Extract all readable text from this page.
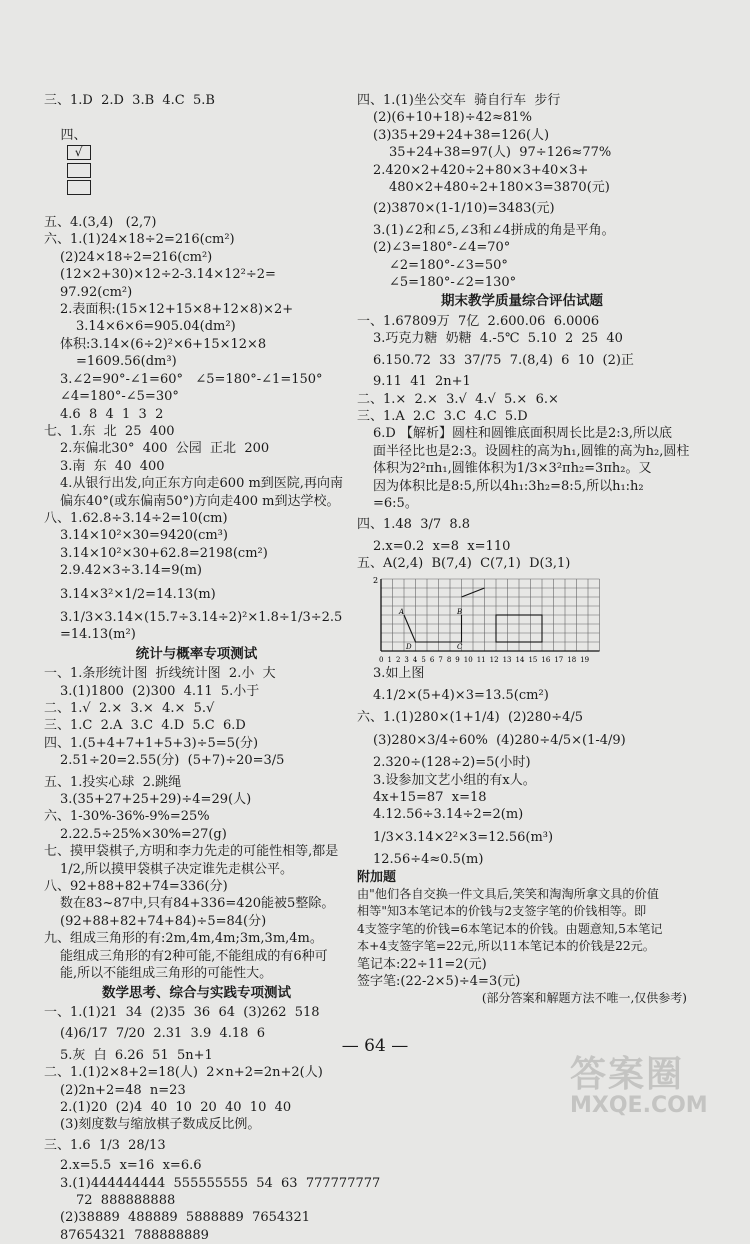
三、1.D  2.D  3.B  4.C  5.B

四、
√

五、4.(3,4)   (2,7)
六、1.(1)24×18÷2=216(cm²)
(2)24×18÷2=216(cm²)
(12×2+30)×12÷2-3.14×12²÷2=
97.92(cm²)
2.表面积:(15×12+15×8+12×8)×2+
3.14×6×6=905.04(dm²)
体积:3.14×(6÷2)²×6+15×12×8
=1609.56(dm³)
3.∠2=90°-∠1=60°   ∠5=180°-∠1=150°
∠4=180°-∠5=30°
4.6  8  4  1  3  2
七、1.东  北  25  400
2.东偏北30°  400  公园  正北  200
3.南  东  40  400
4.从银行出发,向正东方向走600 m到医院,再向南
偏东40°(或东偏南50°)方向走400 m到达学校。
八、1.62.8÷3.14÷2=10(cm)
3.14×10²×30=9420(cm³)
3.14×10²×30+62.8=2198(cm²)
2.9.42×3÷3.14=9(m)
3.14×3²×1/2=14.13(m)
3.1/3×3.14×(15.7÷3.14÷2)²×1.8÷1/3÷2.5
=14.13(m²)
统计与概率专项测试
一、1.条形统计图  折线统计图  2.小  大
3.(1)1800  (2)300  4.11  5.小于
二、1.√  2.×  3.×  4.×  5.√
三、1.C  2.A  3.C  4.D  5.C  6.D
四、1.(5+4+7+1+5+3)÷5=5(分)
2.51÷20=2.55(分)  (5+7)÷20=3/5
五、1.投实心球  2.跳绳
3.(35+27+25+29)÷4=29(人)
六、1-30%-36%-9%=25%
2.22.5÷25%×30%=27(g)
七、摸甲袋棋子,方明和李力先走的可能性相等,都是
1/2,所以摸甲袋棋子决定谁先走棋公平。
八、92+88+82+74=336(分)
数在83~87中,只有84+336=420能被5整除。
(92+88+82+74+84)÷5=84(分)
九、组成三角形的有:2m,4m,4m;3m,3m,4m。
能组成三角形的有2种可能,不能组成的有6种可
能,所以不能组成三角形的可能性大。
数学思考、综合与实践专项测试
一、1.(1)21  34  (2)35  36  64  (3)262  518
(4)6/17  7/20  2.31  3.9  4.18  6
5.灰  白  6.26  51  5n+1
二、1.(1)2×8+2=18(人)  2×n+2=2n+2(人)
(2)2n+2=48  n=23
2.(1)20  (2)4  40  10  20  40  10  40
(3)刻度数与缩放棋子数成反比例。
三、1.6  1/3  28/13
2.x=5.5  x=16  x=6.6
3.(1)444444444  555555555  54  63  777777777
72  888888888
(2)38889  488889  5888889  7654321
87654321  788888889
四、1.(1)坐公交车  骑自行车  步行
(2)(6+10+18)÷42≈81%
(3)35+29+24+38=126(人)
35+24+38=97(人)  97÷126≈77%
2.420×2+420÷2+80×3+40×3+
480×2+480÷2+180×3=3870(元)
(2)3870×(1-1/10)=3483(元)
3.(1)∠2和∠5,∠3和∠4拼成的角是平角。
(2)∠3=180°-∠4=70°
∠2=180°-∠3=50°
∠5=180°-∠2=130°
期末教学质量综合评估试题
一、1.67809万  7亿  2.600.06  6.0006
3.巧克力糖  奶糖  4.-5℃  5.10  2  25  40
6.150.72  33  37/75  7.(8,4)  6  10  (2)正
9.11  41  2n+1
二、1.×  2.×  3.√  4.√  5.×  6.×
三、1.A  2.C  3.C  4.C  5.D
6.D 【解析】圆柱和圆锥底面积周长比是2:3,所以底
面半径比也是2:3。设圆柱的高为h₁,圆锥的高为h₂,圆柱
体积为2²πh₁,圆锥体积为1/3×3²πh₂=3πh₂。又
因为体积比是8:5,所以4h₁:3h₂=8:5,所以h₁:h₂
=6:5。
四、1.48  3/7  8.8
2.x=0.2  x=8  x=110
五、A(2,4)  B(7,4)  C(7,1)  D(3,1)
2
A	B
C
D
0 1 2 3 4 5 6 7 8 9 10 11 12 13 14 15 16 17 18 19
3.如上图
4.1/2×(5+4)×3=13.5(cm²)
六、1.(1)280×(1+1/4)  (2)280÷4/5
(3)280×3/4÷60%  (4)280÷4/5×(1-4/9)
2.320÷(128÷2)=5(小时)
3.设参加文艺小组的有x人。
4x+15=87  x=18
4.12.56÷3.14÷2=2(m)
1/3×3.14×2²×3=12.56(m³)
12.56÷4≈0.5(m)
附加题
由"他们各自交换一件文具后,笑笑和淘淘所拿文具的价值
相等"知3本笔记本的价钱与2支签字笔的价钱相等。即
4支签字笔的价钱=6本笔记本的价钱。由题意知,5本笔记
本+4支签字笔=22元,所以11本笔记本的价钱是22元。
笔记本:22÷11=2(元)
签字笔:(22-2×5)÷4=3(元)
(部分答案和解题方法不唯一,仅供参考)
— 64 —
答案圈
MXQE.COM
